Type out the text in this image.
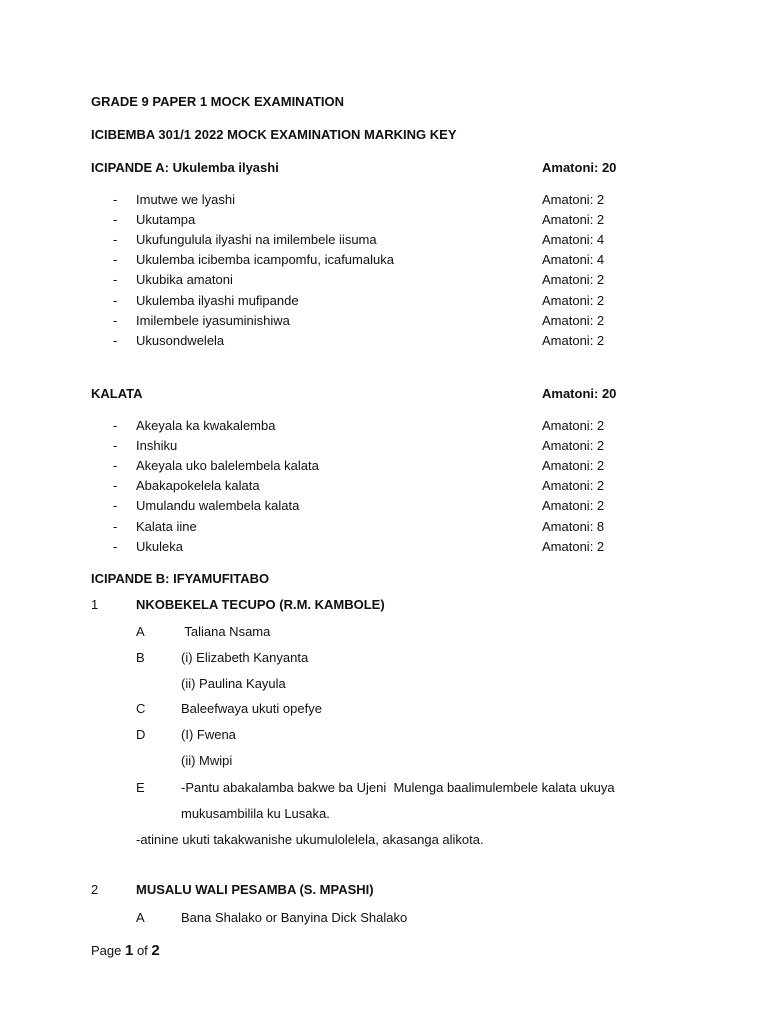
GRADE 9 PAPER 1 MOCK EXAMINATION
ICIBEMBA 301/1 2022 MOCK EXAMINATION MARKING KEY
ICIPANDE A: Ukulemba ilyashi	Amatoni: 20
- Imutwe we lyashi	Amatoni: 2
- Ukutampa	Amatoni: 2
- Ukufungulula ilyashi na imilembele iisuma	Amatoni: 4
- Ukulemba icibemba icampomfu, icafumaluka	Amatoni: 4
- Ukubika amatoni	Amatoni: 2
- Ukulemba ilyashi mufipande	Amatoni: 2
- Imilembele iyasuminishiwa	Amatoni: 2
- Ukusondwelela	Amatoni: 2
KALATA	Amatoni: 20
- Akeyala ka kwakalemba	Amatoni: 2
- Inshiku	Amatoni: 2
- Akeyala uko balelembela kalata	Amatoni: 2
- Abakapokelela kalata	Amatoni: 2
- Umulandu walembela kalata	Amatoni: 2
- Kalata iine	Amatoni: 8
- Ukuleka	Amatoni: 2
ICIPANDE B: IFYAMUFITABO
1	NKOBEKELA TECUPO (R.M. KAMBOLE)
A	Taliana Nsama
B	(i) Elizabeth Kanyanta
(ii) Paulina Kayula
C	Baleefwaya ukuti opefye
D	(I) Fwena
(ii) Mwipi
E	-Pantu abakalamba bakwe ba Ujeni  Mulenga baalimulembele kalata ukuya
mukusambilila ku Lusaka.
-atinine ukuti takakwanishe ukumulolelela, akasanga alikota.
2	MUSALU WALI PESAMBA (S. MPASHI)
A	Bana Shalako or Banyina Dick Shalako
Page 1 of 2
